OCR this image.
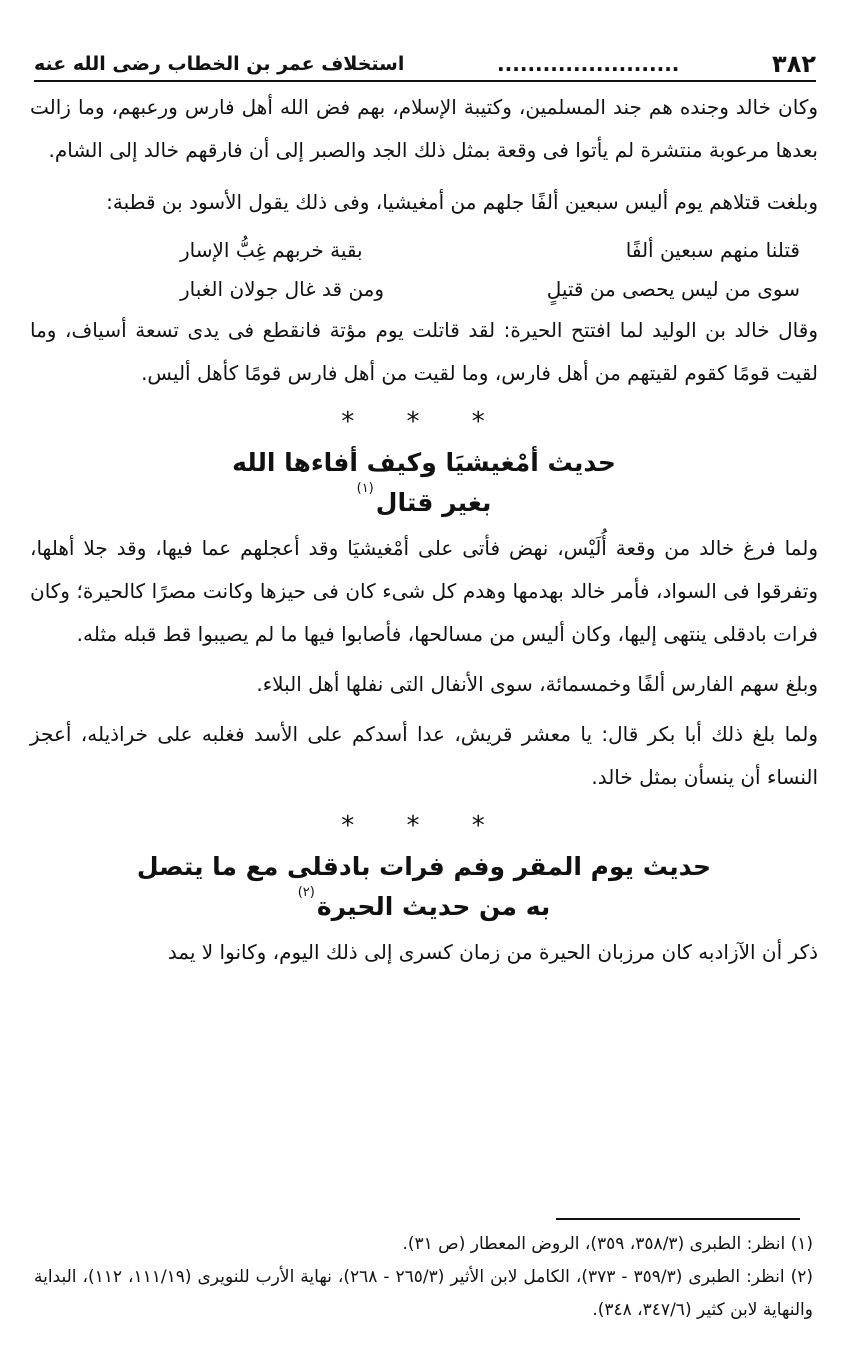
٣٨٢
........................
استخلاف عمر بن الخطاب رضى الله عنه

وكان خالد وجنده هم جند المسلمين، وكتيبة الإسلام، بهم فض الله أهل فارس ورعبهم، وما زالت بعدها مرعوبة منتشرة لم يأتوا فى وقعة بمثل ذلك الجد والصبر إلى أن فارقهم خالد إلى الشام.

وبلغت قتلاهم يوم أليس سبعين ألفًا جلهم من أمغيشيا، وفى ذلك يقول الأسود بن قطبة:

قتلنا منهم سبعين ألفًا
بقية خربهم غِبُّ الإسار
سوى من ليس يحصى من قتيلٍ
ومن قد غال جولان الغبار

وقال خالد بن الوليد لما افتتح الحيرة: لقد قاتلت يوم مؤتة فانقطع فى يدى تسعة أسياف، وما لقيت قومًا كقوم لقيتهم من أهل فارس، وما لقيت من أهل فارس قومًا كأهل أليس.

* * *
حديث أمْغيشيَا وكيف أفاءها الله
بغير قتال$^{(١)}$

ولما فرغ خالد من وقعة أُلَيْس، نهض فأتى على أمْغيشيَا وقد أعجلهم عما فيها، وقد جلا أهلها، وتفرقوا فى السواد، فأمر خالد بهدمها وهدم كل شىء كان فى حيزها وكانت مصرًا كالحيرة؛ وكان فرات بادقلى ينتهى إليها، وكان أليس من مسالحها، فأصابوا فيها ما لم يصيبوا قط قبله مثله.

وبلغ سهم الفارس ألفًا وخمسمائة، سوى الأنفال التى نفلها أهل البلاء.

ولما بلغ ذلك أبا بكر قال: يا معشر قريش، عدا أسدكم على الأسد فغلبه على خراذيله، أعجز النساء أن ينسأن بمثل خالد.

* * *
حديث يوم المقر وفم فرات بادقلى مع ما يتصل
به من حديث الحيرة$^{(٢)}$

ذكر أن الآزادبه كان مرزبان الحيرة من زمان كسرى إلى ذلك اليوم، وكانوا لا يمد

(١) انظر: الطبرى (٣٥٨/٣، ٣٥٩)، الروض المعطار (ص ٣١).

(٢) انظر: الطبرى (٣٥٩/٣ - ٣٧٣)، الكامل لابن الأثير (٢٦٥/٣ - ٢٦٨)، نهاية الأرب للنويرى (١١١/١٩، ١١٢)، البداية والنهاية لابن كثير (٣٤٧/٦، ٣٤٨).
